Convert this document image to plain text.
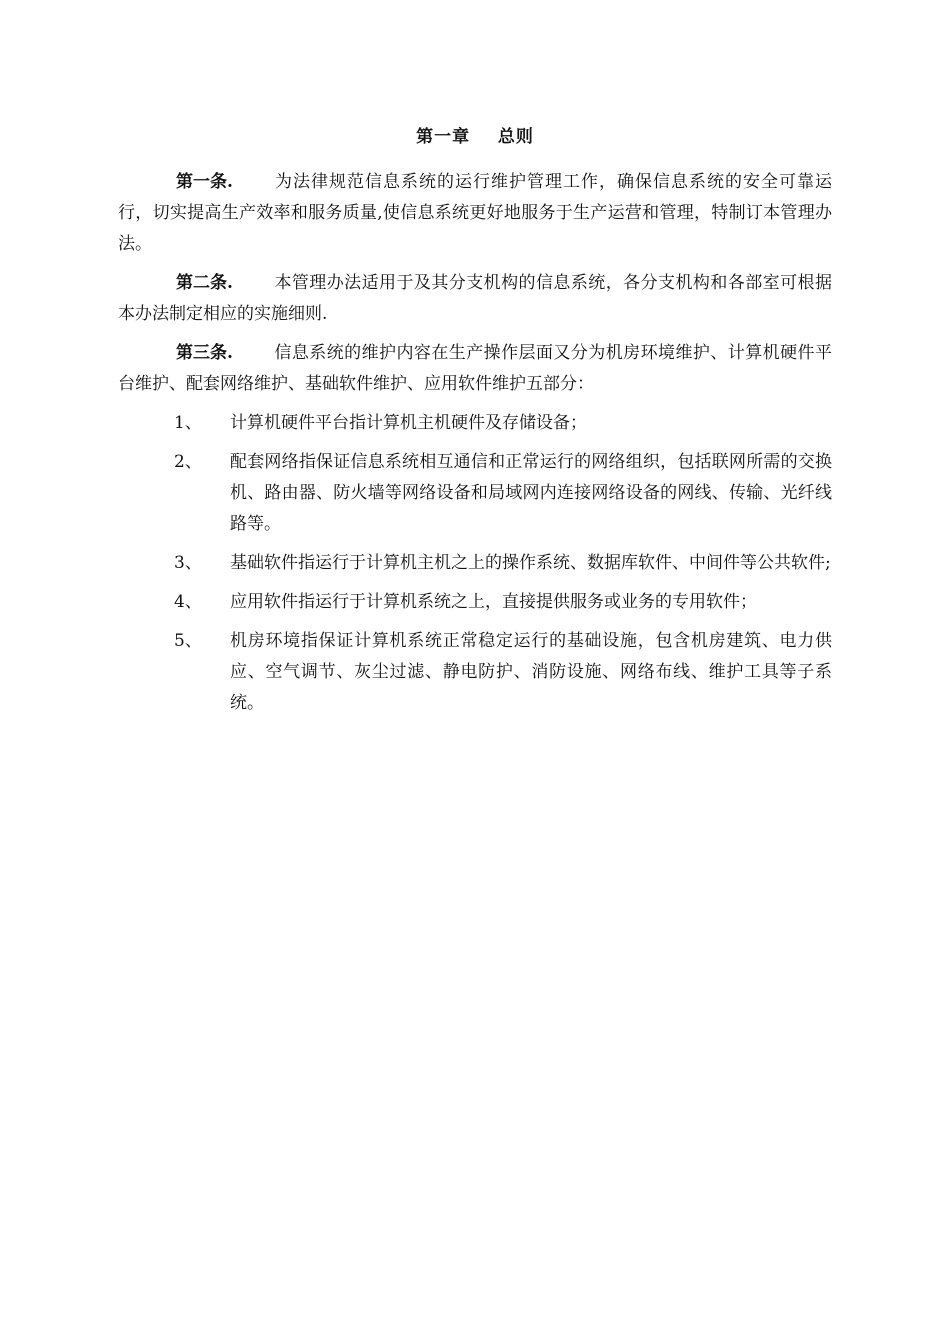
第一章    总则

第一条. 为法律规范信息系统的运行维护管理工作，确保信息系统的安全可靠运行，切实提高生产效率和服务质量,使信息系统更好地服务于生产运营和管理，特制订本管理办法。

第二条. 本管理办法适用于及其分支机构的信息系统，各分支机构和各部室可根据本办法制定相应的实施细则.

第三条. 信息系统的维护内容在生产操作层面又分为机房环境维护、计算机硬件平台维护、配套网络维护、基础软件维护、应用软件维护五部分：

1、	计算机硬件平台指计算机主机硬件及存储设备；
2、	配套网络指保证信息系统相互通信和正常运行的网络组织，包括联网所需的交换机、路由器、防火墙等网络设备和局域网内连接网络设备的网线、传输、光纤线路等。
3、	基础软件指运行于计算机主机之上的操作系统、数据库软件、中间件等公共软件;
4、	应用软件指运行于计算机系统之上，直接提供服务或业务的专用软件；
5、	机房环境指保证计算机系统正常稳定运行的基础设施，包含机房建筑、电力供应、空气调节、灰尘过滤、静电防护、消防设施、网络布线、维护工具等子系统。
